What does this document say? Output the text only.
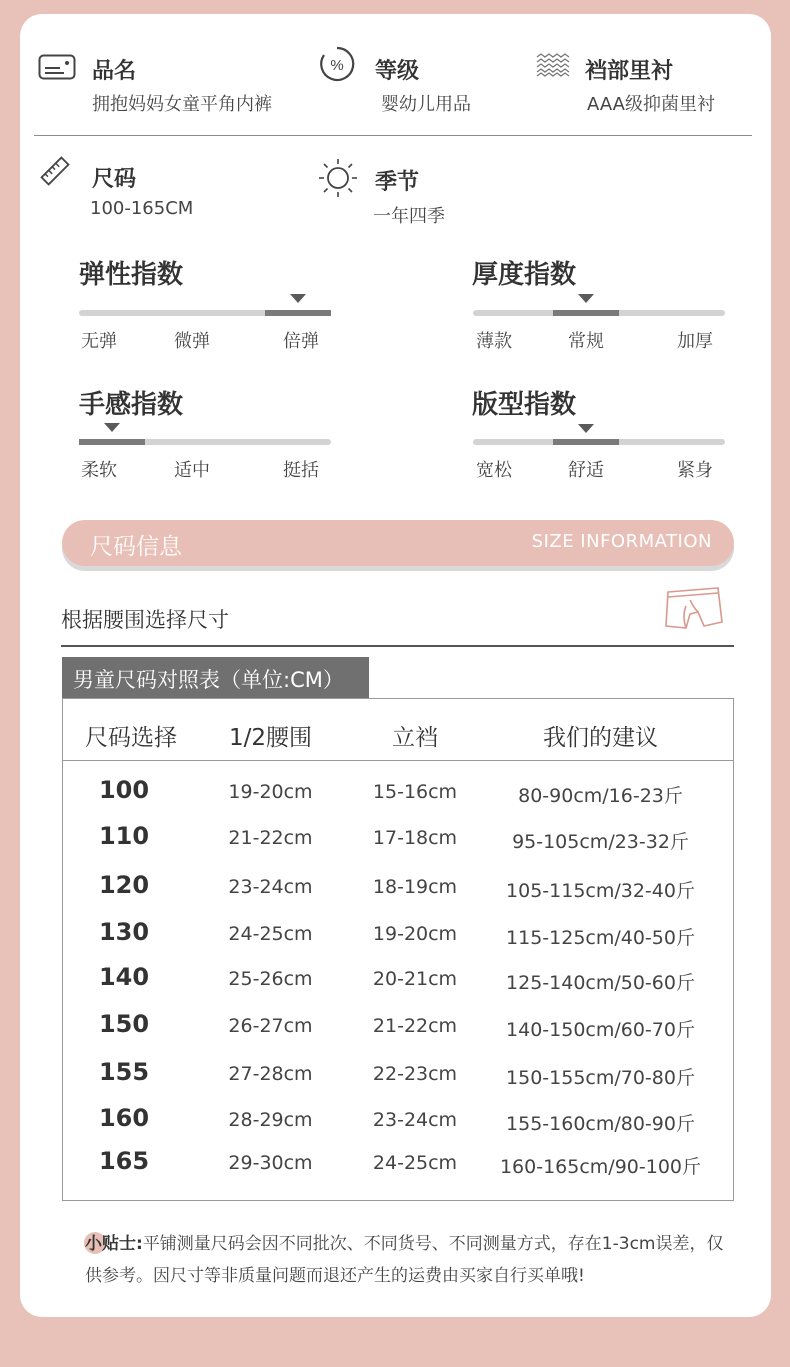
品名
拥抱妈妈女童平角内裤
% 等级
婴幼儿用品
裆部里衬
AAA级抑菌里衬
尺码
100-165CM
季节
一年四季
弹性指数
无弹	微弹	倍弹
厚度指数
薄款	常规	加厚
手感指数
柔软	适中	挺括
版型指数
宽松	舒适	紧身
尺码信息	SIZE INFORMATION
根据腰围选择尺寸
男童尺码对照表（单位:CM）
尺码选择	1/2腰围	立裆	我们的建议
100	19-20cm	15-16cm	80-90cm/16-23斤
110	21-22cm	17-18cm	95-105cm/23-32斤
120	23-24cm	18-19cm	105-115cm/32-40斤
130	24-25cm	19-20cm	115-125cm/40-50斤
140	25-26cm	20-21cm	125-140cm/50-60斤
150	26-27cm	21-22cm	140-150cm/60-70斤
155	27-28cm	22-23cm	150-155cm/70-80斤
160	28-29cm	23-24cm	155-160cm/80-90斤
165	29-30cm	24-25cm	160-165cm/90-100斤
小贴士:平铺测量尺码会因不同批次、不同货号、不同测量方式，存在1-3cm误差，仅供参考。因尺寸等非质量问题而退还产生的运费由买家自行买单哦!
